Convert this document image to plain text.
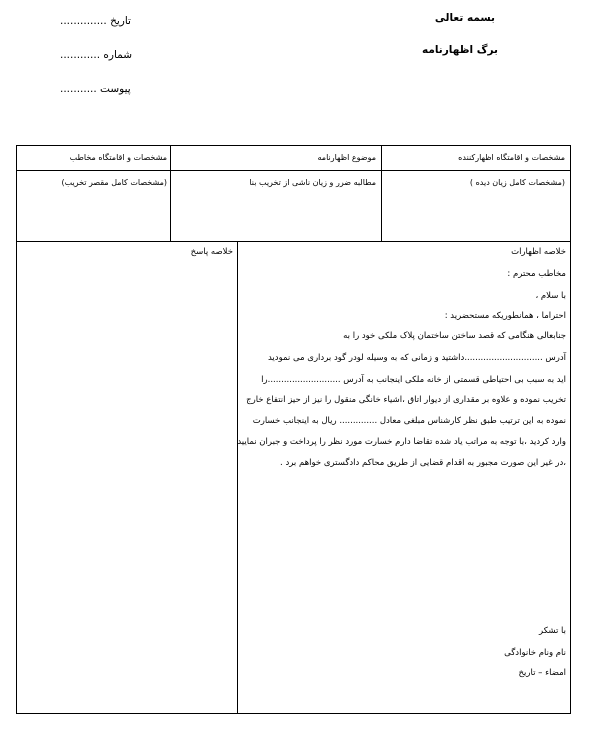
بسمه تعالی
برگ اظهارنامه
تاریخ ..............
شماره ............
پیوست ...........
مشخصات و اقامتگاه اظهارکننده
موضوع اظهارنامه
مشخصات و اقامتگاه مخاطب
(مشخصات کامل زیان دیده )
مطالبه ضرر و زیان ناشی از تخریب بنا
(مشخصات کامل مقصر تخریب)
خلاصه اظهارات
خلاصه پاسخ
مخاطب محترم :
با سلام ،
احتراما ، همانطوریکه مستحضرید :
جنابعالی هنگامی که قصد ساختن ساختمان پلاک ملکی خود را به
آدرس .............................داشتید و زمانی که به وسیله لودر گود برداری می نمودید
اید به سبب بی احتیاطی قسمتی از خانه ملکی اینجانب به آدرس ...........................را
تخریب نموده و علاوه بر مقداری از دیوار اتاق ،اشیاء خانگی منقول را نیز از حیز انتفاع خارج
نموده به این ترتیب طبق نظر کارشناس مبلغی معادل .............. ریال به اینجانب خسارت
وارد کردید ،با توجه به مراتب یاد شده تقاضا دارم خسارت مورد نظر را پرداخت و جبران نمایید
،در غیر این صورت مجبور به اقدام قضایی از طریق محاکم دادگستری خواهم برد .
با تشکر
نام ونام خانوادگی
امضاء – تاریخ
